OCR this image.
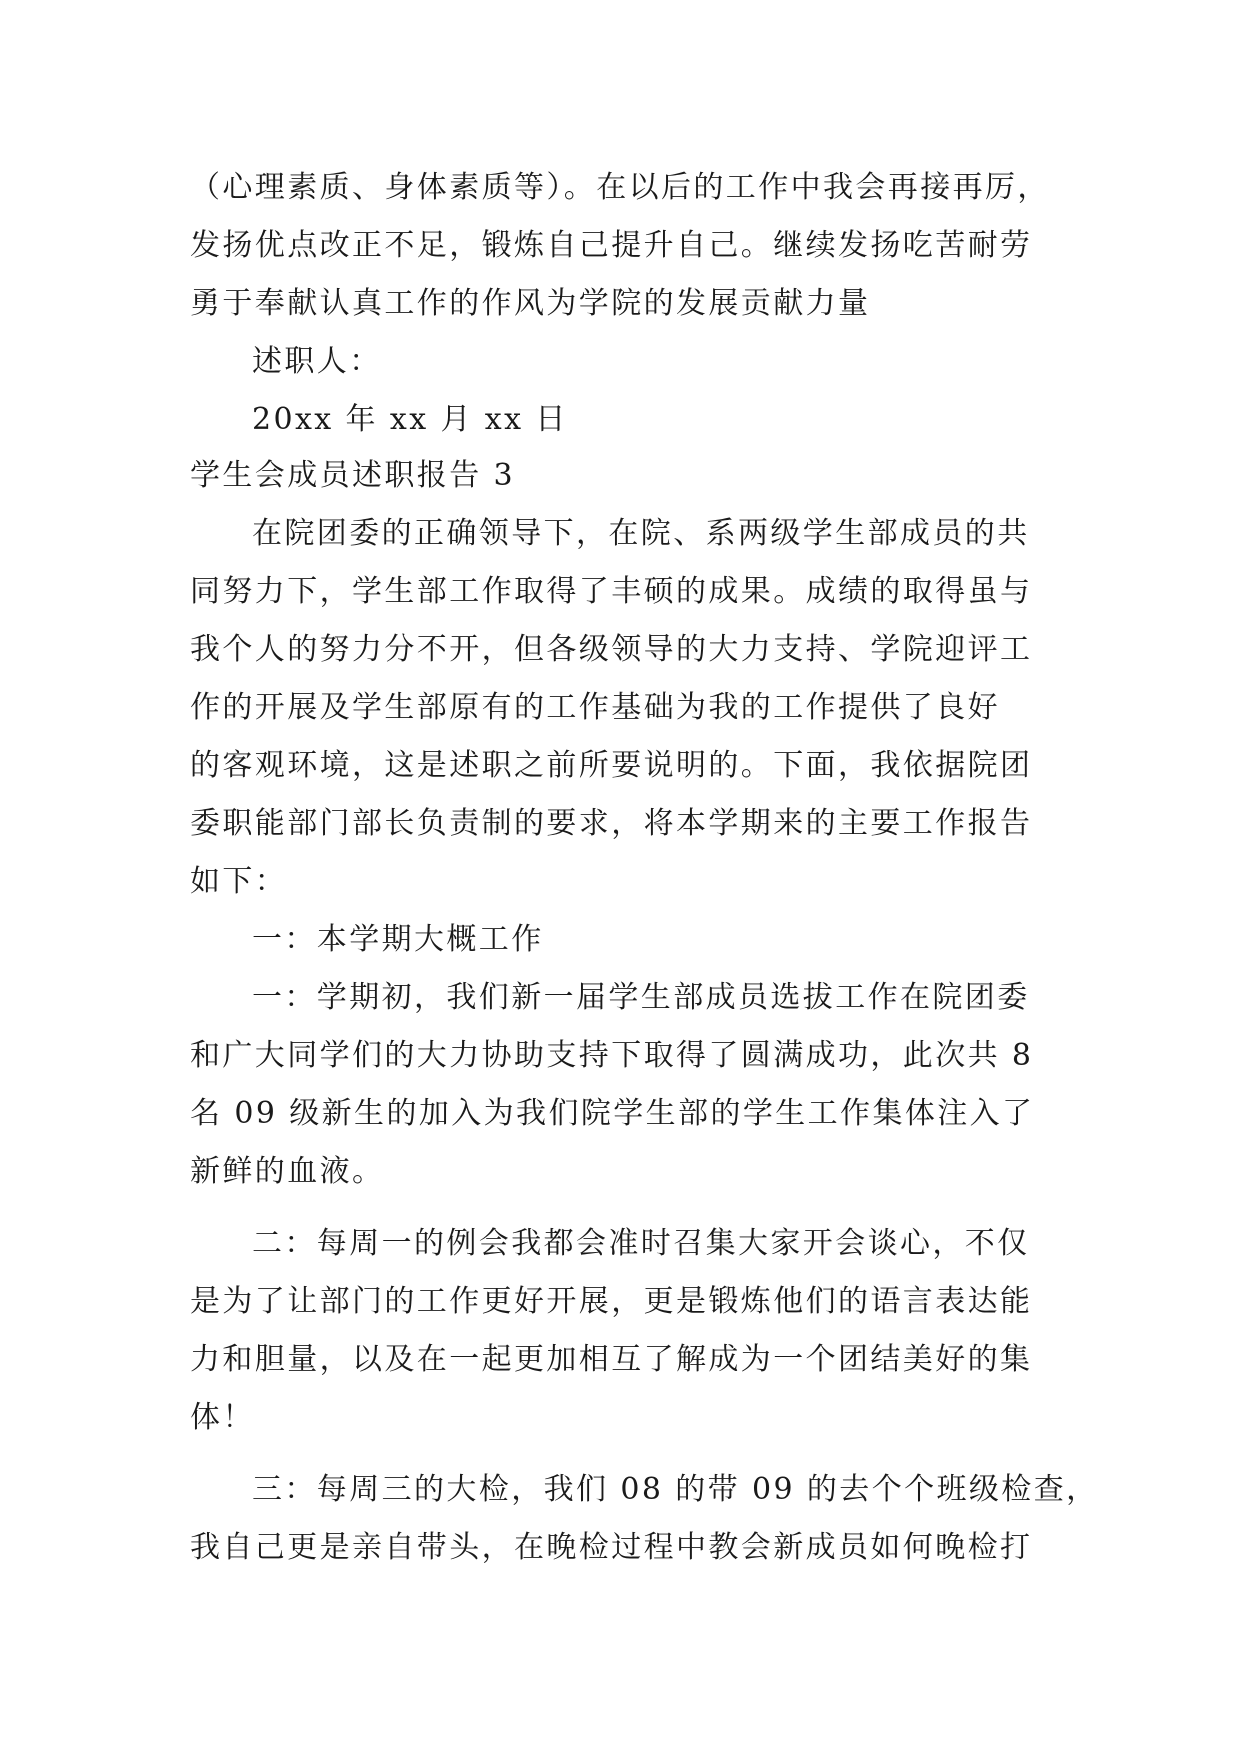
（心理素质、身体素质等）。在以后的工作中我会再接再厉，
发扬优点改正不足，锻炼自己提升自己。继续发扬吃苦耐劳
勇于奉献认真工作的作风为学院的发展贡献力量
述职人：
20xx 年 xx 月 xx 日
学生会成员述职报告 3
在院团委的正确领导下，在院、系两级学生部成员的共
同努力下，学生部工作取得了丰硕的成果。成绩的取得虽与
我个人的努力分不开，但各级领导的大力支持、学院迎评工
作的开展及学生部原有的工作基础为我的工作提供了良好
的客观环境，这是述职之前所要说明的。下面，我依据院团
委职能部门部长负责制的要求，将本学期来的主要工作报告
如下：
一：本学期大概工作
一：学期初，我们新一届学生部成员选拔工作在院团委
和广大同学们的大力协助支持下取得了圆满成功，此次共 8
名 09 级新生的加入为我们院学生部的学生工作集体注入了
新鲜的血液。
二：每周一的例会我都会准时召集大家开会谈心，不仅
是为了让部门的工作更好开展，更是锻炼他们的语言表达能
力和胆量，以及在一起更加相互了解成为一个团结美好的集
体！
三：每周三的大检，我们 08 的带 09 的去个个班级检查，
我自己更是亲自带头，在晚检过程中教会新成员如何晚检打
